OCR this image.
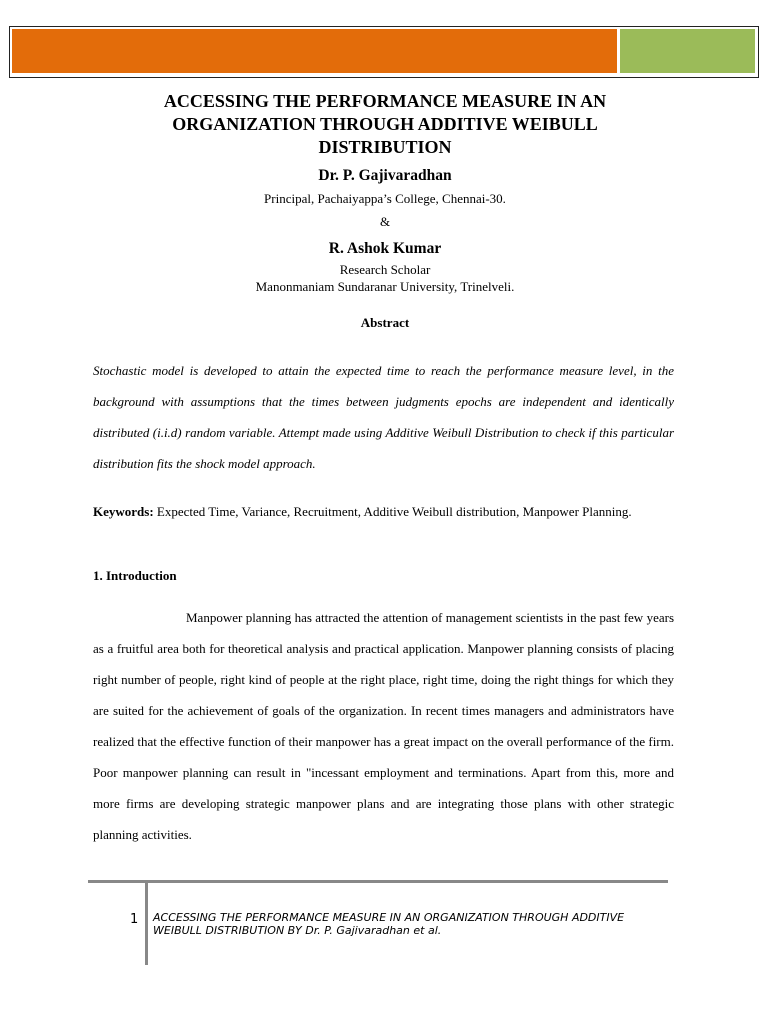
ACCESSING THE PERFORMANCE MEASURE IN AN
ORGANIZATION THROUGH ADDITIVE WEIBULL
DISTRIBUTION

Dr. P. Gajivaradhan

Principal, Pachaiyappa’s College, Chennai-30.

&

R. Ashok Kumar

Research Scholar

Manonmaniam Sundaranar University, Trinelveli.

Abstract

Stochastic model is developed to attain the expected time to reach the performance measure level, in the background with assumptions that the times between judgments epochs are independent and identically distributed (i.i.d) random variable. Attempt made using Additive Weibull Distribution to check if this particular distribution fits the shock model approach.

Keywords: Expected Time, Variance, Recruitment, Additive Weibull distribution, Manpower Planning.

1. Introduction

Manpower planning has attracted the attention of management scientists in the past few years as a fruitful area both for theoretical analysis and practical application. Manpower planning consists of placing right number of people, right kind of people at the right place, right time, doing the right things for which they are suited for the achievement of goals of the organization. In recent times managers and administrators have realized that the effective function of their manpower has a great impact on the overall performance of the firm. Poor manpower planning can result in "incessant employment and terminations. Apart from this, more and more firms are developing strategic manpower plans and are integrating those plans with other strategic planning activities.

1 ACCESSING THE PERFORMANCE MEASURE IN AN ORGANIZATION THROUGH ADDITIVE WEIBULL DISTRIBUTION BY Dr. P. Gajivaradhan et al.
